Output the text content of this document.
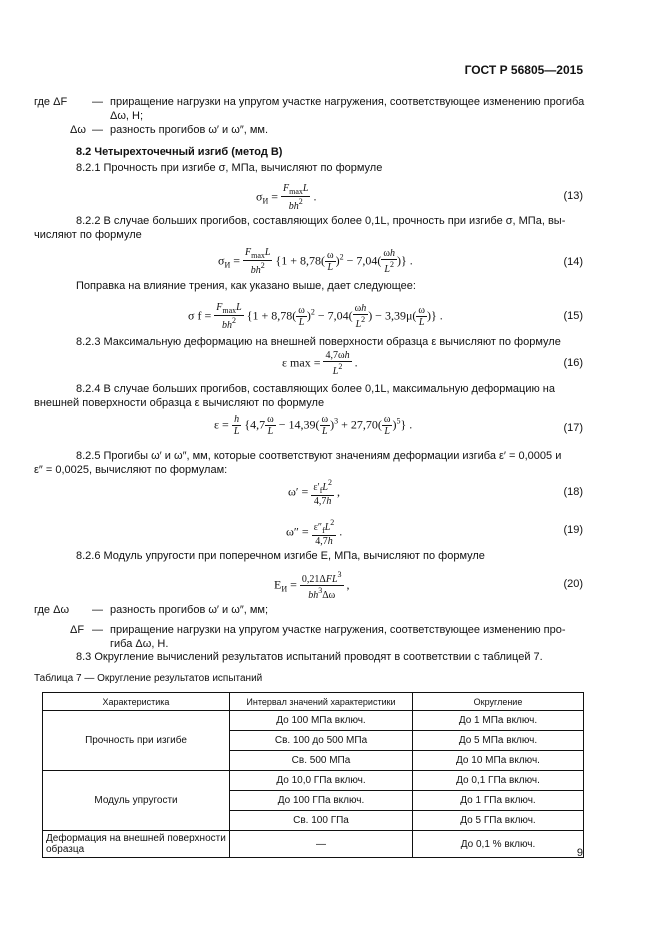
ГОСТ Р 56805—2015
где ΔF — приращение нагрузки на упругом участке нагружения, соответствующее изменению прогиба
Δω, Н;
Δω — разность прогибов ω′ и ω″, мм.
8.2 Четырехточечный изгиб (метод В)
8.2.1 Прочность при изгибе σ, МПа, вычисляют по формуле
$\sigma_И = \frac{F_{max}L}{bh^2}$ .	(13)
8.2.2 В случае больших прогибов, составляющих более 0,1L, прочность при изгибе σ, МПа, вы-
числяют по формуле
$\sigma_И = \frac{F_{max}L}{bh^2} \{1 + 8,78( \frac{\omega}{L} )^2 - 7,04( \frac{\omega h}{L^2}$ )} .	(14)
Поправка на влияние трения, как указано выше, дает следующее:
σ $f = \frac{F_{max}L}{bh^2} \{1 + 8,78( \frac{\omega}{L} )^2 - 7,04( \frac{\omega h}{L^2}$ ) − $3,39\mu( \frac{\omega}{L}$ )} .	(15)
8.2.3 Максимальную деформацию на внешней поверхности образца ε вычисляют по формуле
ε $\max = \frac{4,7\omega h}{L^2}$ .	(16)
8.2.4 В случае больших прогибов, составляющих более 0,1L, максимальную деформацию на
внешней поверхности образца ε вычисляют по формуле
$\varepsilon = \frac{h}{L} \{4,7 \frac{\omega}{L} - 14,39( \frac{\omega}{L} )^3 + 27,70( \frac{\omega}{L} )^5\}$ .	(17)
8.2.5 Прогибы ω′ и ω″, мм, которые соответствуют значениям деформации изгиба ε′ = 0,0005 и
ε″ = 0,0025, вычисляют по формулам:
$\omega' = \frac{\varepsilon'_fL^2}{4,7h}$ ,	(18)
$\omega'' = \frac{\varepsilon''_fL^2}{4,7h}$ .	(19)
8.2.6 Модуль упругости при поперечном изгибе E, МПа, вычисляют по формуле
$E_И = \frac{0,21\Delta FL^3}{bh^3\Delta\omega}$ ,	(20)
где Δω — разность прогибов ω′ и ω″, мм;
ΔF — приращение нагрузки на упругом участке нагружения, соответствующее изменению про-
гиба Δω, Н.
8.3 Округление вычислений результатов испытаний проводят в соответствии с таблицей 7.
Таблица 7 — Округление результатов испытаний
Характеристика	Интервал значений характеристики	Округление
Прочность при изгибе	До 100 МПа включ.	До 1 МПа включ.
	Св. 100 до 500 МПа	До 5 МПа включ.
	Св. 500 МПа	До 10 МПа включ.
Модуль упругости	До 10,0 ГПа включ.	До 0,1 ГПа включ.
	До 100 ГПа включ.	До 1 ГПа включ.
	Св. 100 ГПа	До 5 ГПа включ.
Деформация на внешней поверхности образца	—	До 0,1 % включ.
9
